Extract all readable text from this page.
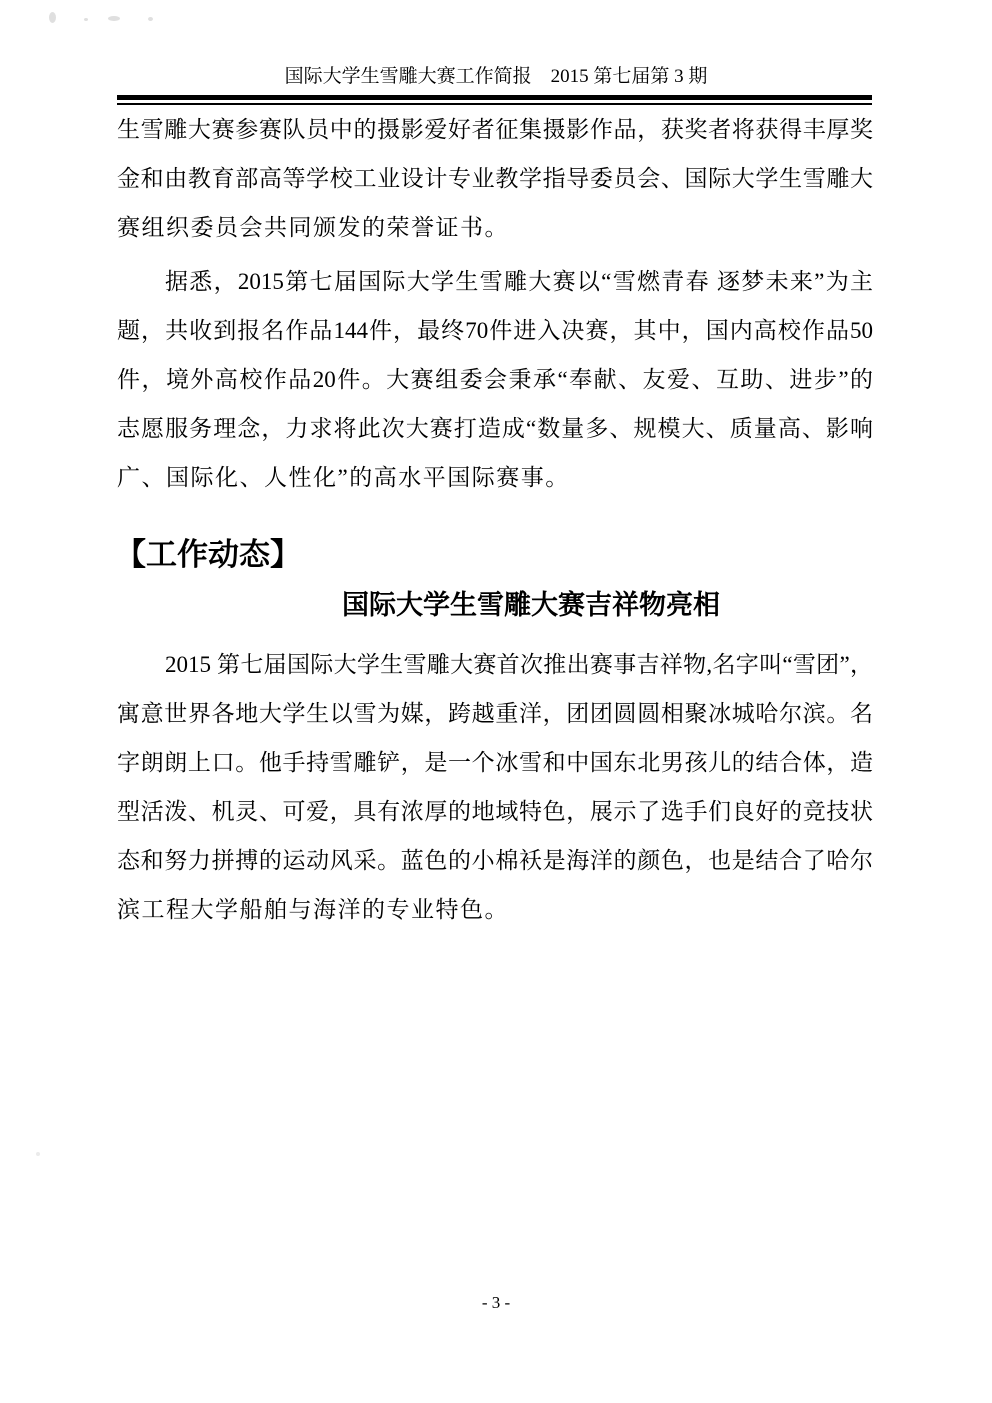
国际大学生雪雕大赛工作简报　2015 第七届第 3 期
生雪雕大赛参赛队员中的摄影爱好者征集摄影作品，获奖者将获得丰厚奖
金和由教育部高等学校工业设计专业教学指导委员会、国际大学生雪雕大
赛组织委员会共同颁发的荣誉证书。
据悉，2015第七届国际大学生雪雕大赛以“雪燃青春 逐梦未来”为主
题，共收到报名作品144件，最终70件进入决赛，其中，国内高校作品50
件，境外高校作品20件。大赛组委会秉承“奉献、友爱、互助、进步”的
志愿服务理念，力求将此次大赛打造成“数量多、规模大、质量高、影响
广、国际化、人性化”的高水平国际赛事。
【工作动态】
国际大学生雪雕大赛吉祥物亮相
2015 第七届国际大学生雪雕大赛首次推出赛事吉祥物,名字叫“雪团”，
寓意世界各地大学生以雪为媒，跨越重洋，团团圆圆相聚冰城哈尔滨。名
字朗朗上口。他手持雪雕铲，是一个冰雪和中国东北男孩儿的结合体，造
型活泼、机灵、可爱，具有浓厚的地域特色，展示了选手们良好的竞技状
态和努力拼搏的运动风采。蓝色的小棉袄是海洋的颜色，也是结合了哈尔
滨工程大学船舶与海洋的专业特色。
- 3 -
